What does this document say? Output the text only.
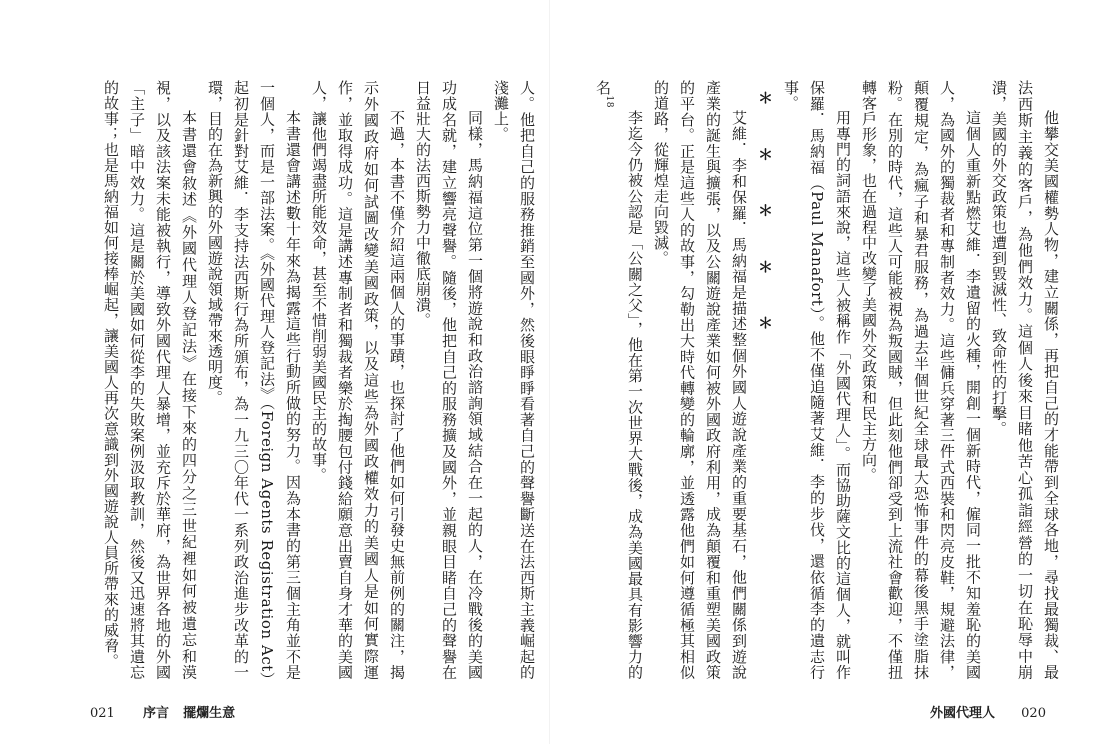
他攀交美國權勢人物，建立關係，再把自己的才能帶到全球各地，尋找最獨裁、最法西斯主義的客戶，為他們效力。這個人後來目睹他苦心孤詣經營的一切在恥辱中崩潰，美國的外交政策也遭到毀滅性、致命性的打擊。

這個人重新點燃艾維．李遺留的火種，開創一個新時代，僱同一批不知羞恥的美國人，為國外的獨裁者和專制者效力。這些傭兵穿著三件式西裝和閃亮皮鞋，規避法律，顛覆規定，為瘋子和暴君服務，為過去半個世紀全球最大恐怖事件的幕後黑手塗脂抹粉。在別的時代，這些人可能被視為叛國賊，但此刻他們卻受到上流社會歡迎，不僅扭轉客戶形象，也在過程中改變了美國外交政策和民主方向。

用專門的詞語來說，這些人被稱作「外國代理人」。而協助薩文比的這個人，就叫作保羅．馬納福（Paul Manafort）。他不僅追隨著艾維．李的步伐，還依循李的遺志行事。

＊ ＊ ＊ ＊ ＊

艾維．李和保羅．馬納福是描述整個外國人遊說產業的重要基石，他們關係到遊說產業的誕生與擴張，以及公關遊說產業如何被外國政府利用，成為顛覆和重塑美國政策的平台。正是這些人的故事，勾勒出大時代轉變的輪廓，並透露他們如何遵循極其相似的道路，從輝煌走向毀滅。

李迄今仍被公認是「公關之父」，他在第一次世界大戰後，成為美國最具有影響力的名$^{18}$

人。他把自己的服務推銷至國外，然後眼睜睜看著自己的聲譽斷送在法西斯主義崛起的淺灘上。

同樣，馬納福這位第一個將遊說和政治諮詢領域結合在一起的人，在冷戰後的美國功成名就，建立響亮聲譽。隨後，他把自己的服務擴及國外，並親眼目睹自己的聲譽在日益壯大的法西斯勢力中徹底崩潰。

不過，本書不僅介紹這兩個人的事蹟，也探討了他們如何引發史無前例的關注，揭示外國政府如何試圖改變美國政策，以及這些為外國政權效力的美國人是如何實際運作，並取得成功。這是講述專制者和獨裁者樂於掏腰包付錢給願意出賣自身才華的美國人，讓他們竭盡所能效命，甚至不惜削弱美國民主的故事。

本書還會講述數十年來為揭露這些行動所做的努力。因為本書的第三個主角並不是一個人，而是一部法案。《外國代理人登記法》（Foreign Agents Registration Act）起初是針對艾維．李支持法西斯行為所頒布，為一九三〇年代一系列政治進步改革的一環，目的在為新興的外國遊說領域帶來透明度。

本書還會敘述《外國代理人登記法》在接下來的四分之三世紀裡如何被遺忘和漠視，以及該法案未能被執行，導致外國代理人暴增，並充斥於華府，為世界各地的外國「主子」暗中效力。這是關於美國如何從李的失敗案例汲取教訓，然後又迅速將其遺忘的故事；也是馬納福如何接棒崛起，讓美國人再次意識到外國遊說人員所帶來的威脅。

021 序言 擺爛生意	外國代理人 020
